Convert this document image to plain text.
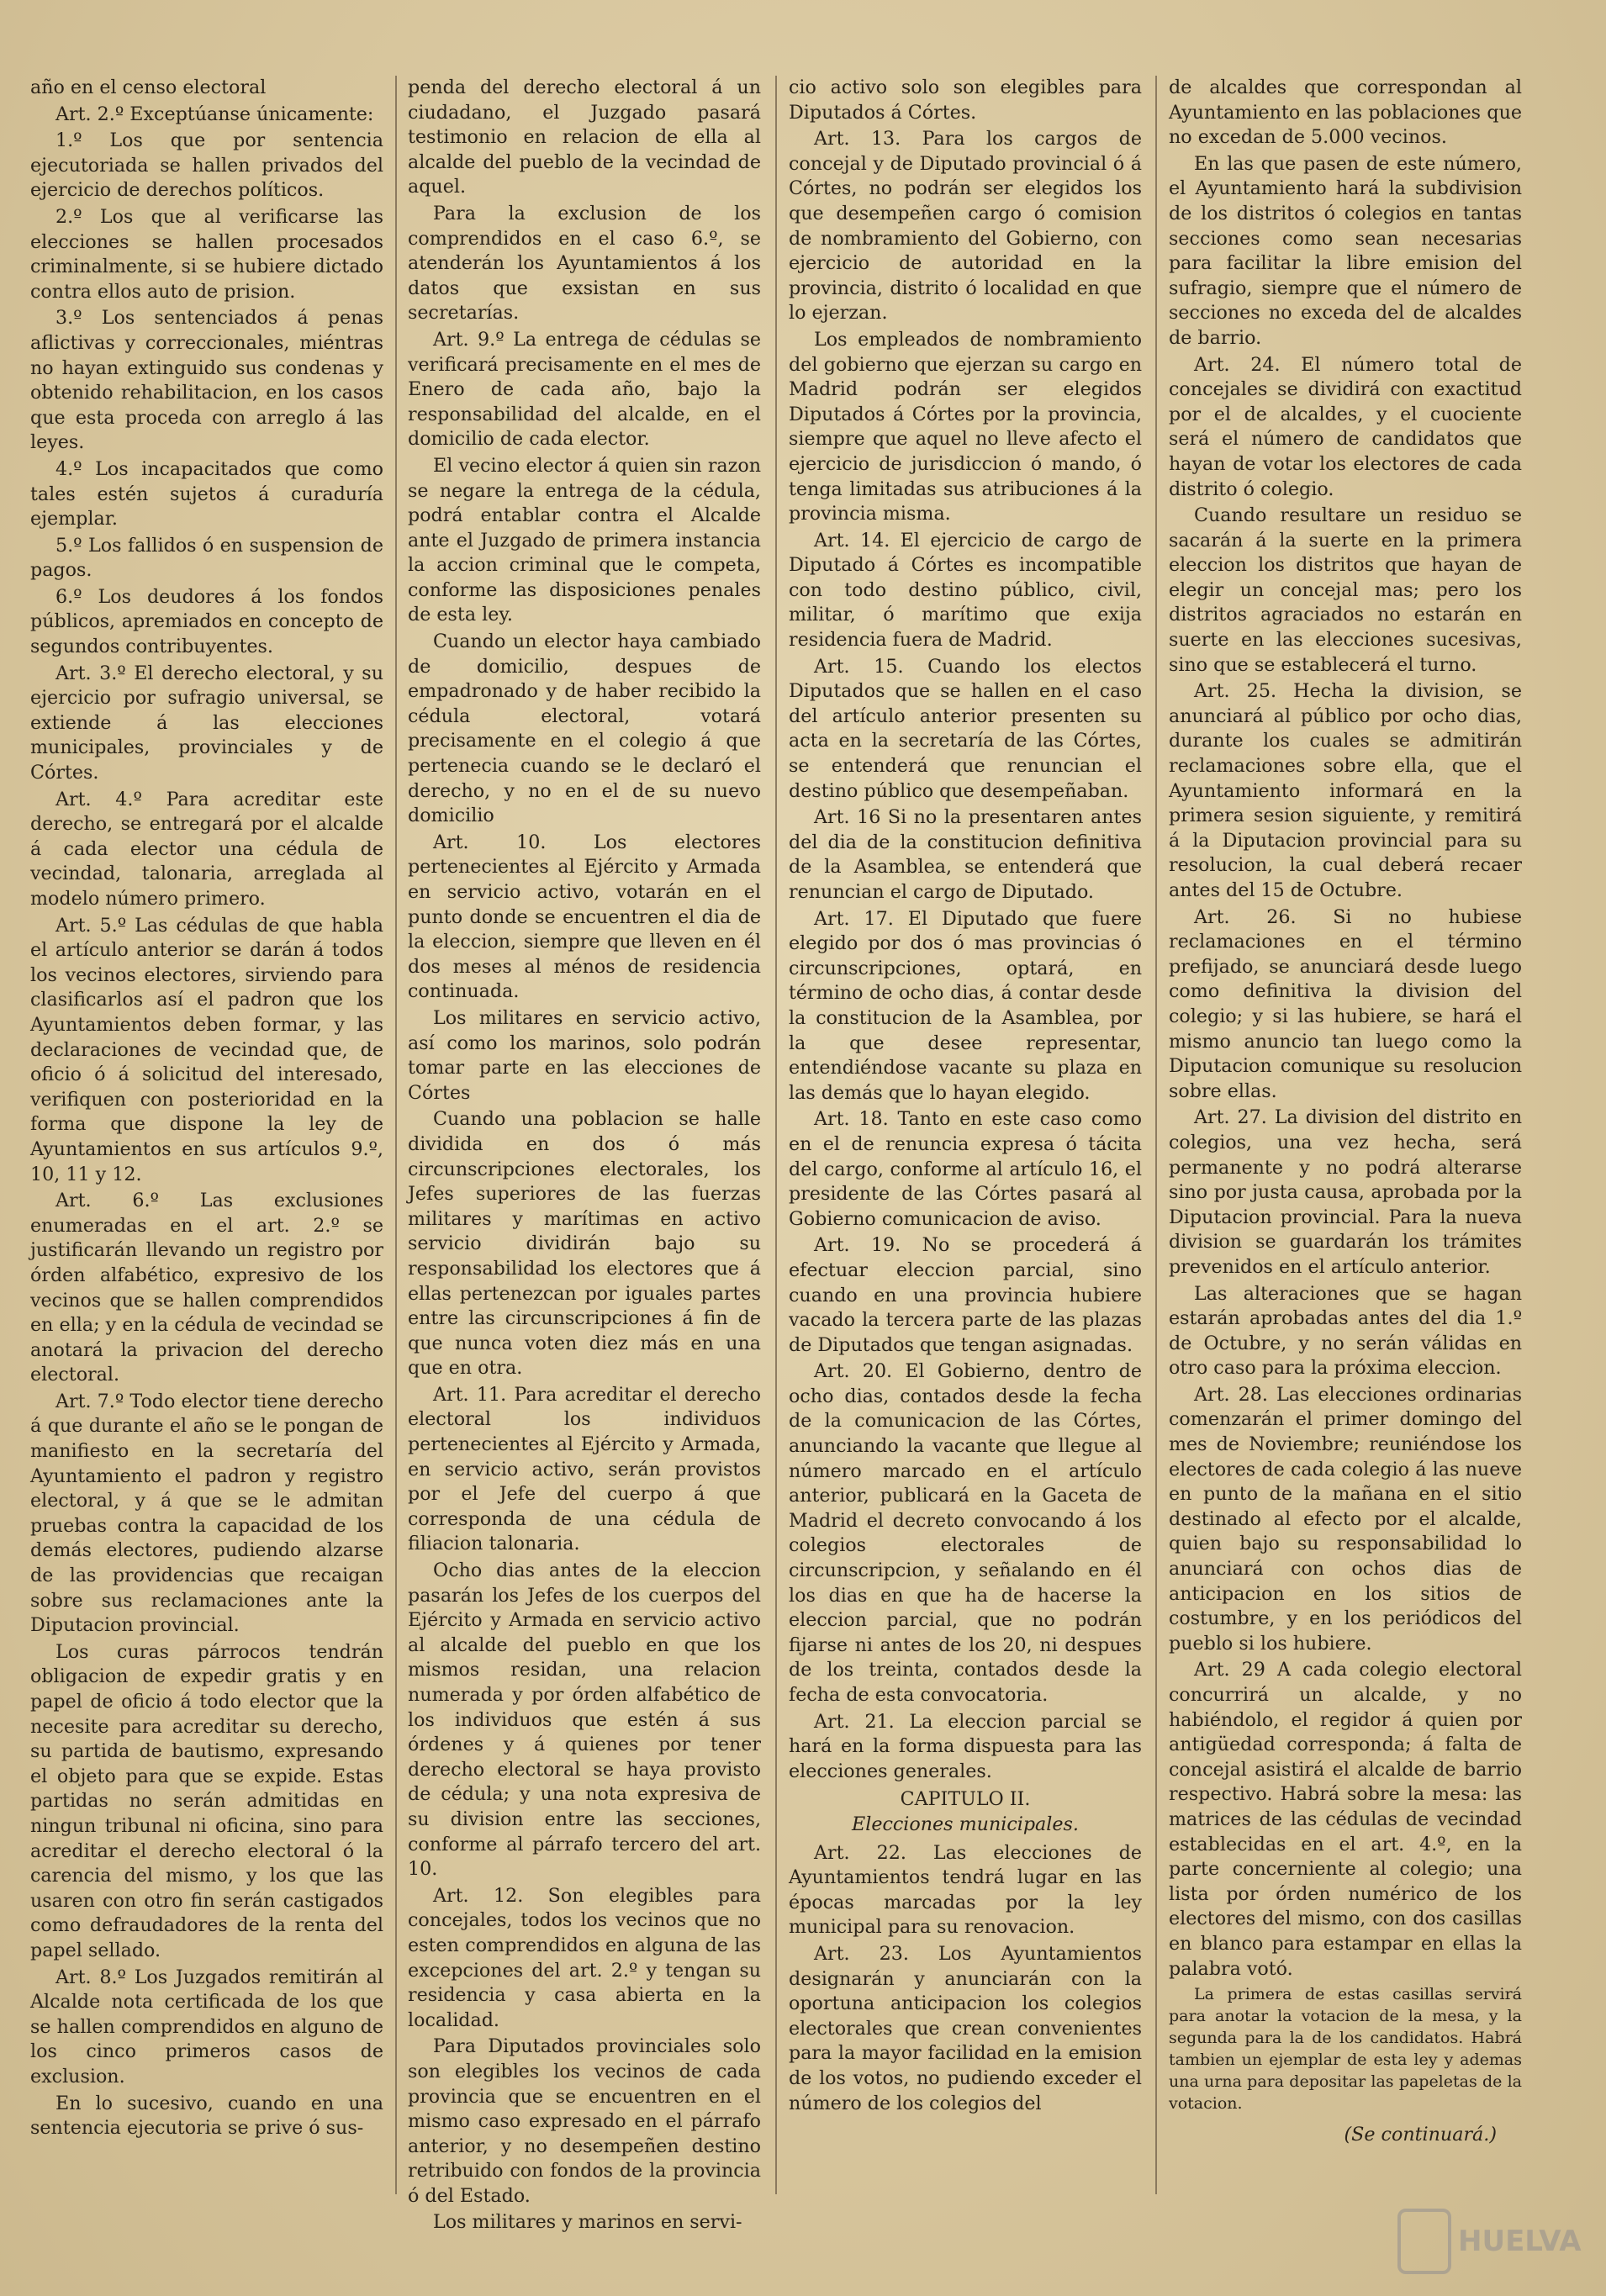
año en el censo electoral

Art. 2.º Exceptúanse únicamente:

1.º Los que por sentencia ejecutoriada se hallen privados del ejercicio de derechos políticos.

2.º Los que al verificarse las elecciones se hallen procesados criminalmente, si se hubiere dictado contra ellos auto de prision.

3.º Los sentenciados á penas aflictivas y correccionales, miéntras no hayan extinguido sus condenas y obtenido rehabilitacion, en los casos que esta proceda con arreglo á las leyes.

4.º Los incapacitados que como tales estén sujetos á curaduría ejemplar.

5.º Los fallidos ó en suspension de pagos.

6.º Los deudores á los fondos públicos, apremiados en concepto de segundos contribuyentes.

Art. 3.º El derecho electoral, y su ejercicio por sufragio universal, se extiende á las elecciones municipales, provinciales y de Córtes.

Art. 4.º Para acreditar este derecho, se entregará por el alcalde á cada elector una cédula de vecindad, talonaria, arreglada al modelo número primero.

Art. 5.º Las cédulas de que habla el artículo anterior se darán á todos los vecinos electores, sirviendo para clasificarlos así el padron que los Ayuntamientos deben formar, y las declaraciones de vecindad que, de oficio ó á solicitud del interesado, verifiquen con posterioridad en la forma que dispone la ley de Ayuntamientos en sus artículos 9.º, 10, 11 y 12.

Art. 6.º Las exclusiones enumeradas en el art. 2.º se justificarán llevando un registro por órden alfabético, expresivo de los vecinos que se hallen comprendidos en ella; y en la cédula de vecindad se anotará la privacion del derecho electoral.

Art. 7.º Todo elector tiene derecho á que durante el año se le pongan de manifiesto en la secretaría del Ayuntamiento el padron y registro electoral, y á que se le admitan pruebas contra la capacidad de los demás electores, pudiendo alzarse de las providencias que recaigan sobre sus reclamaciones ante la Diputacion provincial.

Los curas párrocos tendrán obligacion de expedir gratis y en papel de oficio á todo elector que la necesite para acreditar su derecho, su partida de bautismo, expresando el objeto para que se expide. Estas partidas no serán admitidas en ningun tribunal ni oficina, sino para acreditar el derecho electoral ó la carencia del mismo, y los que las usaren con otro fin serán castigados como defraudadores de la renta del papel sellado.

Art. 8.º Los Juzgados remitirán al Alcalde nota certificada de los que se hallen comprendidos en alguno de los cinco primeros casos de exclusion.

En lo sucesivo, cuando en una sentencia ejecutoria se prive ó sus-

penda del derecho electoral á un ciudadano, el Juzgado pasará testimonio en relacion de ella al alcalde del pueblo de la vecindad de aquel.

Para la exclusion de los comprendidos en el caso 6.º, se atenderán los Ayuntamientos á los datos que exsistan en sus secretarías.

Art. 9.º La entrega de cédulas se verificará precisamente en el mes de Enero de cada año, bajo la responsabilidad del alcalde, en el domicilio de cada elector.

El vecino elector á quien sin razon se negare la entrega de la cédula, podrá entablar contra el Alcalde ante el Juzgado de primera instancia la accion criminal que le competa, conforme las disposiciones penales de esta ley.

Cuando un elector haya cambiado de domicilio, despues de empadronado y de haber recibido la cédula electoral, votará precisamente en el colegio á que pertenecia cuando se le declaró el derecho, y no en el de su nuevo domicilio

Art. 10. Los electores pertenecientes al Ejército y Armada en servicio activo, votarán en el punto donde se encuentren el dia de la eleccion, siempre que lleven en él dos meses al ménos de residencia continuada.

Los militares en servicio activo, así como los marinos, solo podrán tomar parte en las elecciones de Córtes

Cuando una poblacion se halle dividida en dos ó más circunscripciones electorales, los Jefes superiores de las fuerzas militares y marítimas en activo servicio dividirán bajo su responsabilidad los electores que á ellas pertenezcan por iguales partes entre las circunscripciones á fin de que nunca voten diez más en una que en otra.

Art. 11. Para acreditar el derecho electoral los individuos pertenecientes al Ejército y Armada, en servicio activo, serán provistos por el Jefe del cuerpo á que corresponda de una cédula de filiacion talonaria.

Ocho dias antes de la eleccion pasarán los Jefes de los cuerpos del Ejército y Armada en servicio activo al alcalde del pueblo en que los mismos residan, una relacion numerada y por órden alfabético de los individuos que estén á sus órdenes y á quienes por tener derecho electoral se haya provisto de cédula; y una nota expresiva de su division entre las secciones, conforme al párrafo tercero del art. 10.

Art. 12. Son elegibles para concejales, todos los vecinos que no esten comprendidos en alguna de las excepciones del art. 2.º y tengan su residencia y casa abierta en la localidad.

Para Diputados provinciales solo son elegibles los vecinos de cada provincia que se encuentren en el mismo caso expresado en el párrafo anterior, y no desempeñen destino retribuido con fondos de la provincia ó del Estado.

Los militares y marinos en servi-

cio activo solo son elegibles para Diputados á Córtes.

Art. 13. Para los cargos de concejal y de Diputado provincial ó á Córtes, no podrán ser elegidos los que desempeñen cargo ó comision de nombramiento del Gobierno, con ejercicio de autoridad en la provincia, distrito ó localidad en que lo ejerzan.

Los empleados de nombramiento del gobierno que ejerzan su cargo en Madrid podrán ser elegidos Diputados á Córtes por la provincia, siempre que aquel no lleve afecto el ejercicio de jurisdiccion ó mando, ó tenga limitadas sus atribuciones á la provincia misma.

Art. 14. El ejercicio de cargo de Diputado á Córtes es incompatible con todo destino público, civil, militar, ó marítimo que exija residencia fuera de Madrid.

Art. 15. Cuando los electos Diputados que se hallen en el caso del artículo anterior presenten su acta en la secretaría de las Córtes, se entenderá que renuncian el destino público que desempeñaban.

Art. 16 Si no la presentaren antes del dia de la constitucion definitiva de la Asamblea, se entenderá que renuncian el cargo de Diputado.

Art. 17. El Diputado que fuere elegido por dos ó mas provincias ó circunscripciones, optará, en término de ocho dias, á contar desde la constitucion de la Asamblea, por la que desee representar, entendiéndose vacante su plaza en las demás que lo hayan elegido.

Art. 18. Tanto en este caso como en el de renuncia expresa ó tácita del cargo, conforme al artículo 16, el presidente de las Córtes pasará al Gobierno comunicacion de aviso.

Art. 19. No se procederá á efectuar eleccion parcial, sino cuando en una provincia hubiere vacado la tercera parte de las plazas de Diputados que tengan asignadas.

Art. 20. El Gobierno, dentro de ocho dias, contados desde la fecha de la comunicacion de las Córtes, anunciando la vacante que llegue al número marcado en el artículo anterior, publicará en la Gaceta de Madrid el decreto convocando á los colegios electorales de circunscripcion, y señalando en él los dias en que ha de hacerse la eleccion parcial, que no podrán fijarse ni antes de los 20, ni despues de los treinta, contados desde la fecha de esta convocatoria.

Art. 21. La eleccion parcial se hará en la forma dispuesta para las elecciones generales.

CAPITULO II.

Elecciones municipales.

Art. 22. Las elecciones de Ayuntamientos tendrá lugar en las épocas marcadas por la ley municipal para su renovacion.

Art. 23. Los Ayuntamientos designarán y anunciarán con la oportuna anticipacion los colegios electorales que crean convenientes para la mayor facilidad en la emision de los votos, no pudiendo exceder el número de los colegios del

de alcaldes que correspondan al Ayuntamiento en las poblaciones que no excedan de 5.000 vecinos.

En las que pasen de este número, el Ayuntamiento hará la subdivision de los distritos ó colegios en tantas secciones como sean necesarias para facilitar la libre emision del sufragio, siempre que el número de secciones no exceda del de alcaldes de barrio.

Art. 24. El número total de concejales se dividirá con exactitud por el de alcaldes, y el cuociente será el número de candidatos que hayan de votar los electores de cada distrito ó colegio.

Cuando resultare un residuo se sacarán á la suerte en la primera eleccion los distritos que hayan de elegir un concejal mas; pero los distritos agraciados no estarán en suerte en las elecciones sucesivas, sino que se establecerá el turno.

Art. 25. Hecha la division, se anunciará al público por ocho dias, durante los cuales se admitirán reclamaciones sobre ella, que el Ayuntamiento informará en la primera sesion siguiente, y remitirá á la Diputacion provincial para su resolucion, la cual deberá recaer antes del 15 de Octubre.

Art. 26. Si no hubiese reclamaciones en el término prefijado, se anunciará desde luego como definitiva la division del colegio; y si las hubiere, se hará el mismo anuncio tan luego como la Diputacion comunique su resolucion sobre ellas.

Art. 27. La division del distrito en colegios, una vez hecha, será permanente y no podrá alterarse sino por justa causa, aprobada por la Diputacion provincial. Para la nueva division se guardarán los trámites prevenidos en el artículo anterior.

Las alteraciones que se hagan estarán aprobadas antes del dia 1.º de Octubre, y no serán válidas en otro caso para la próxima eleccion.

Art. 28. Las elecciones ordinarias comenzarán el primer domingo del mes de Noviembre; reuniéndose los electores de cada colegio á las nueve en punto de la mañana en el sitio destinado al efecto por el alcalde, quien bajo su responsabilidad lo anunciará con ochos dias de anticipacion en los sitios de costumbre, y en los periódicos del pueblo si los hubiere.

Art. 29 A cada colegio electoral concurrirá un alcalde, y no habiéndolo, el regidor á quien por antigüedad corresponda; á falta de concejal asistirá el alcalde de barrio respectivo. Habrá sobre la mesa: las matrices de las cédulas de vecindad establecidas en el art. 4.º, en la parte concerniente al colegio; una lista por órden numérico de los electores del mismo, con dos casillas en blanco para estampar en ellas la palabra votó.

La primera de estas casillas servirá para anotar la votacion de la mesa, y la segunda para la de los candidatos. Habrá tambien un ejemplar de esta ley y ademas una urna para depositar las papeletas de la votacion.

(Se continuará.)

HUELVA
